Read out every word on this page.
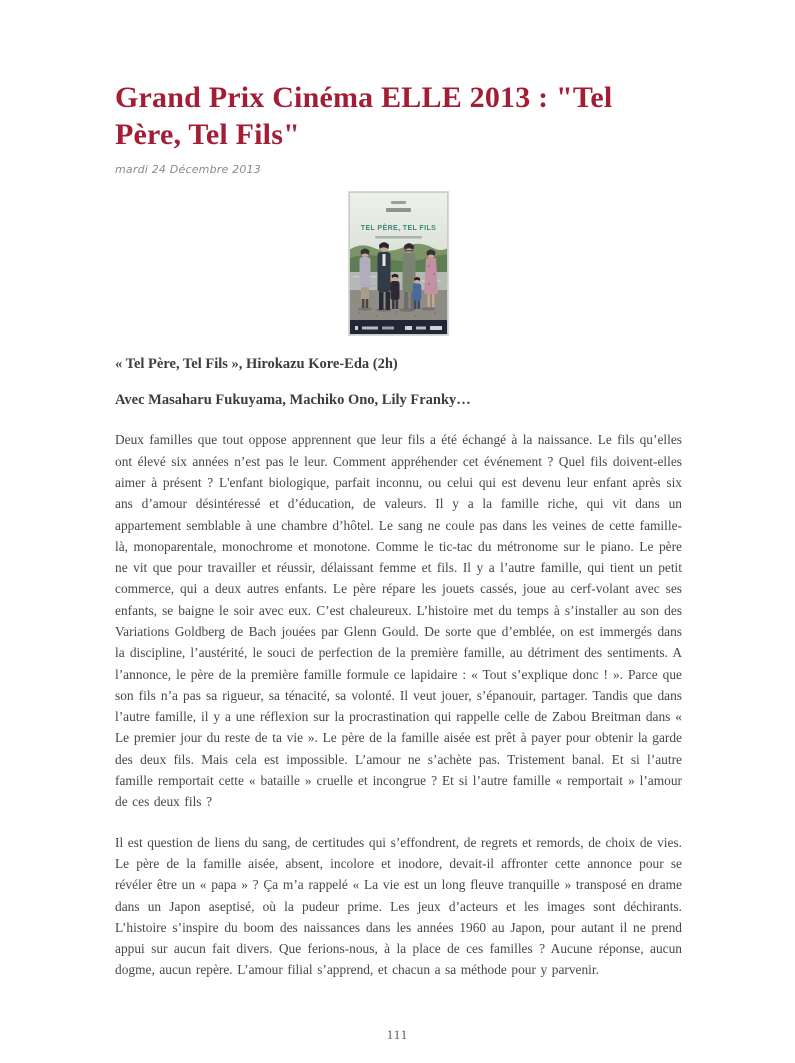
Grand Prix Cinéma ELLE 2013 : "Tel Père, Tel Fils"
mardi 24 Décembre 2013
TEL PÈRE, TEL FILS

« Tel Père, Tel Fils », Hirokazu Kore-Eda (2h)

Avec Masaharu Fukuyama, Machiko Ono, Lily Franky…

Deux familles que tout oppose apprennent que leur fils a été échangé à la naissance. Le fils qu’elles ont élevé six années n’est pas le leur. Comment appréhender cet événement ? Quel fils doivent-elles aimer à présent ? L'enfant biologique, parfait inconnu, ou celui qui est devenu leur enfant après six ans d’amour désintéressé et d’éducation, de valeurs. Il y a la famille riche, qui vit dans un appartement semblable à une chambre d’hôtel. Le sang ne coule pas dans les veines de cette famille-là, monoparentale, monochrome et monotone. Comme le tic-tac du métronome sur le piano. Le père ne vit que pour travailler et réussir, délaissant femme et fils. Il y a l’autre famille, qui tient un petit commerce, qui a deux autres enfants. Le père répare les jouets cassés, joue au cerf-volant avec ses enfants, se baigne le soir avec eux. C’est chaleureux. L’histoire met du temps à s’installer au son des Variations Goldberg de Bach jouées par Glenn Gould. De sorte que d’emblée, on est immergés dans la discipline, l’austérité, le souci de perfection de la première famille, au détriment des sentiments. A l’annonce, le père de la première famille formule ce lapidaire : « Tout s’explique donc ! ». Parce que son fils n’a pas sa rigueur, sa ténacité, sa volonté. Il veut jouer, s’épanouir, partager. Tandis que dans l’autre famille, il y a une réflexion sur la procrastination qui rappelle celle de Zabou Breitman dans « Le premier jour du reste de ta vie ». Le père de la famille aisée est prêt à payer pour obtenir la garde des deux fils. Mais cela est impossible. L’amour ne s’achète pas. Tristement banal. Et si l’autre famille remportait cette « bataille » cruelle et incongrue ? Et si l’autre famille « remportait » l’amour de ces deux fils ?

Il est question de liens du sang, de certitudes qui s’effondrent, de regrets et remords, de choix de vies. Le père de la famille aisée, absent, incolore et inodore, devait-il affronter cette annonce pour se révéler être un « papa » ? Ça m’a rappelé « La vie est un long fleuve tranquille » transposé en drame dans un Japon aseptisé, où la pudeur prime. Les jeux d’acteurs et les images sont déchirants. L’histoire s’inspire du boom des naissances dans les années 1960 au Japon, pour autant il ne prend appui sur aucun fait divers. Que ferions-nous, à la place de ces familles ? Aucune réponse, aucun dogme, aucun repère. L’amour filial s’apprend, et chacun a sa méthode pour y parvenir.

111
